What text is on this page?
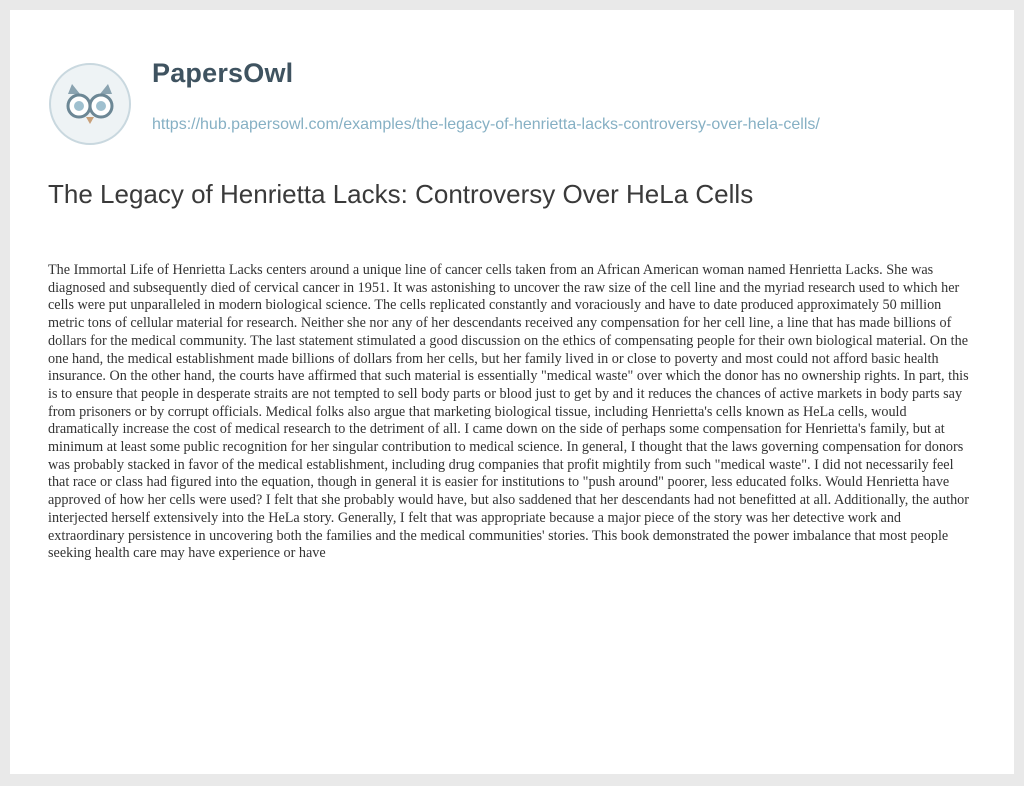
PapersOwl
https://hub.papersowl.com/examples/the-legacy-of-henrietta-lacks-controversy-over-hela-cells/
The Legacy of Henrietta Lacks: Controversy Over HeLa Cells

The Immortal Life of Henrietta Lacks centers around a unique line of cancer cells taken from an African American woman named Henrietta Lacks. She was diagnosed and subsequently died of cervical cancer in 1951. It was astonishing to uncover the raw size of the cell line and the myriad research used to which her cells were put unparalleled in modern biological science. The cells replicated constantly and voraciously and have to date produced approximately 50 million metric tons of cellular material for research. Neither she nor any of her descendants received any compensation for her cell line, a line that has made billions of dollars for the medical community. The last statement stimulated a good discussion on the ethics of compensating people for their own biological material. On the one hand, the medical establishment made billions of dollars from her cells, but her family lived in or close to poverty and most could not afford basic health insurance. On the other hand, the courts have affirmed that such material is essentially "medical waste" over which the donor has no ownership rights. In part, this is to ensure that people in desperate straits are not tempted to sell body parts or blood just to get by and it reduces the chances of active markets in body parts say from prisoners or by corrupt officials. Medical folks also argue that marketing biological tissue, including Henrietta's cells known as HeLa cells, would dramatically increase the cost of medical research to the detriment of all. I came down on the side of perhaps some compensation for Henrietta's family, but at minimum at least some public recognition for her singular contribution to medical science. In general, I thought that the laws governing compensation for donors was probably stacked in favor of the medical establishment, including drug companies that profit mightily from such "medical waste". I did not necessarily feel that race or class had figured into the equation, though in general it is easier for institutions to "push around" poorer, less educated folks. Would Henrietta have approved of how her cells were used? I felt that she probably would have, but also saddened that her descendants had not benefitted at all. Additionally, the author interjected herself extensively into the HeLa story. Generally, I felt that was appropriate because a major piece of the story was her detective work and extraordinary persistence in uncovering both the families and the medical communities' stories. This book demonstrated the power imbalance that most people seeking health care may have experience or have
